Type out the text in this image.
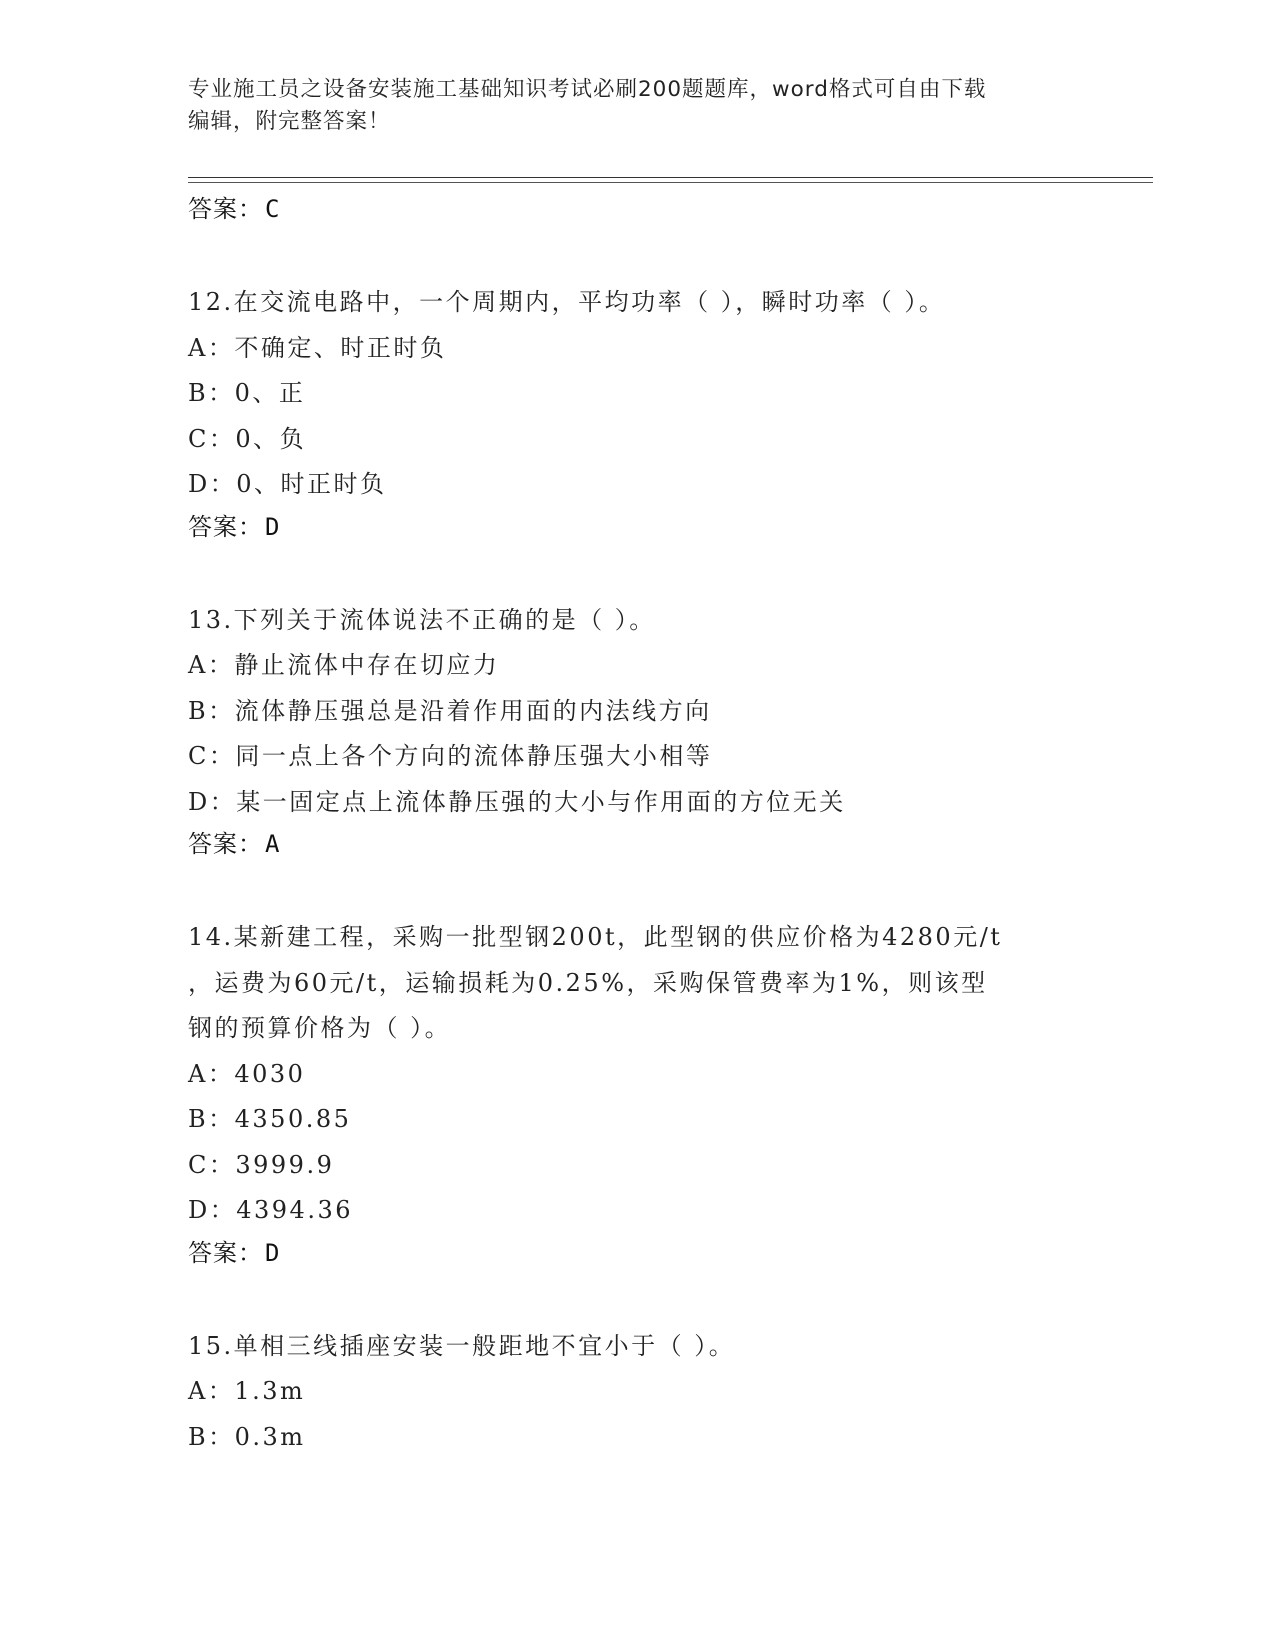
专业施工员之设备安装施工基础知识考试必刷200题题库，word格式可自由下载
编辑，附完整答案！
答案：C
12.在交流电路中，一个周期内，平均功率（ ），瞬时功率（ ）。
A：不确定、时正时负
B：0、正
C：0、负
D：0、时正时负
答案：D
13.下列关于流体说法不正确的是（ ）。
A：静止流体中存在切应力
B：流体静压强总是沿着作用面的内法线方向
C：同一点上各个方向的流体静压强大小相等
D：某一固定点上流体静压强的大小与作用面的方位无关
答案：A
14.某新建工程，采购一批型钢200t，此型钢的供应价格为4280元/t
，运费为60元/t，运输损耗为0.25%，采购保管费率为1%，则该型
钢的预算价格为（ ）。
A：4030
B：4350.85
C：3999.9
D：4394.36
答案：D
15.单相三线插座安装一般距地不宜小于（ ）。
A：1.3m
B：0.3m
